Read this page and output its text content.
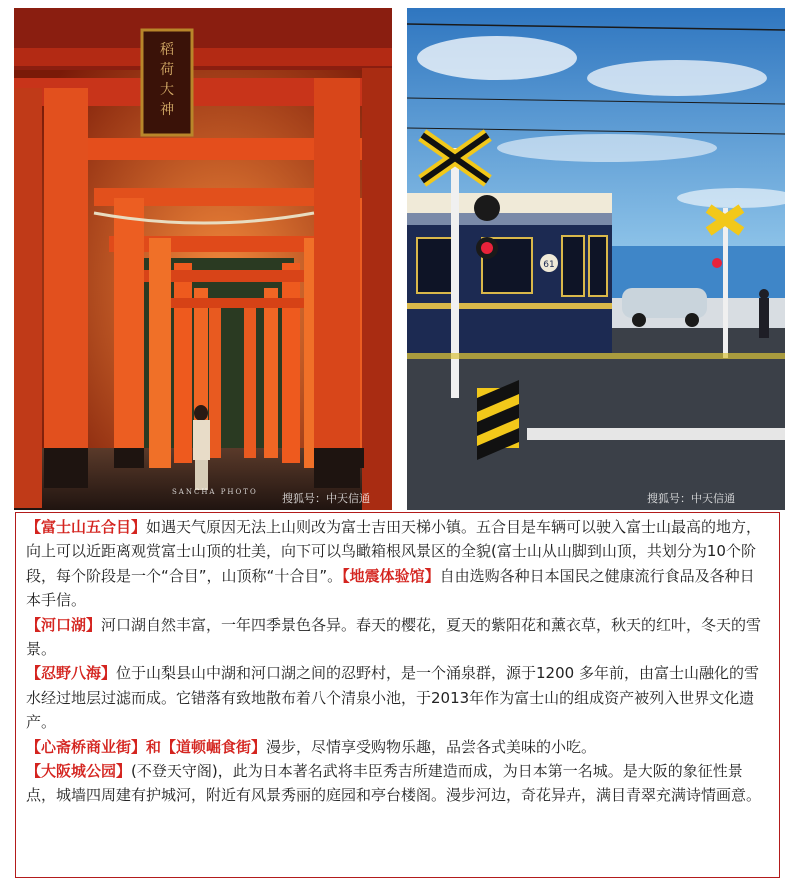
稻
荷
大
神
SANCHA PHOTO 搜狐号：中天信通
61
搜狐号：中天信通

【富士山五合目】如遇天气原因无法上山则改为富士吉田天梯小镇。五合目是车辆可以驶入富士山最高的地方，向上可以近距离观赏富士山顶的壮美，向下可以鸟瞰箱根风景区的全貌(富士山从山脚到山顶，共划分为10个阶段，每个阶段是一个“合目”，山顶称“十合目”。【地震体验馆】自由选购各种日本国民之健康流行食品及各种日本手信。

【河口湖】河口湖自然丰富，一年四季景色各异。春天的樱花，夏天的紫阳花和薰衣草，秋天的红叶，冬天的雪景。

【忍野八海】位于山梨县山中湖和河口湖之间的忍野村，是一个涌泉群，源于1200 多年前，由富士山融化的雪水经过地层过滤而成。它错落有致地散布着八个清泉小池，于2013年作为富士山的组成资产被列入世界文化遗产。

【心斋桥商业街】和【道顿崛食街】漫步，尽情享受购物乐趣，品尝各式美味的小吃。

【大阪城公园】(不登天守阁)，此为日本著名武将丰臣秀吉所建造而成，为日本第一名城。是大阪的象征性景点，城墙四周建有护城河，附近有风景秀丽的庭园和亭台楼阁。漫步河边，奇花异卉，满目青翠充满诗情画意。
